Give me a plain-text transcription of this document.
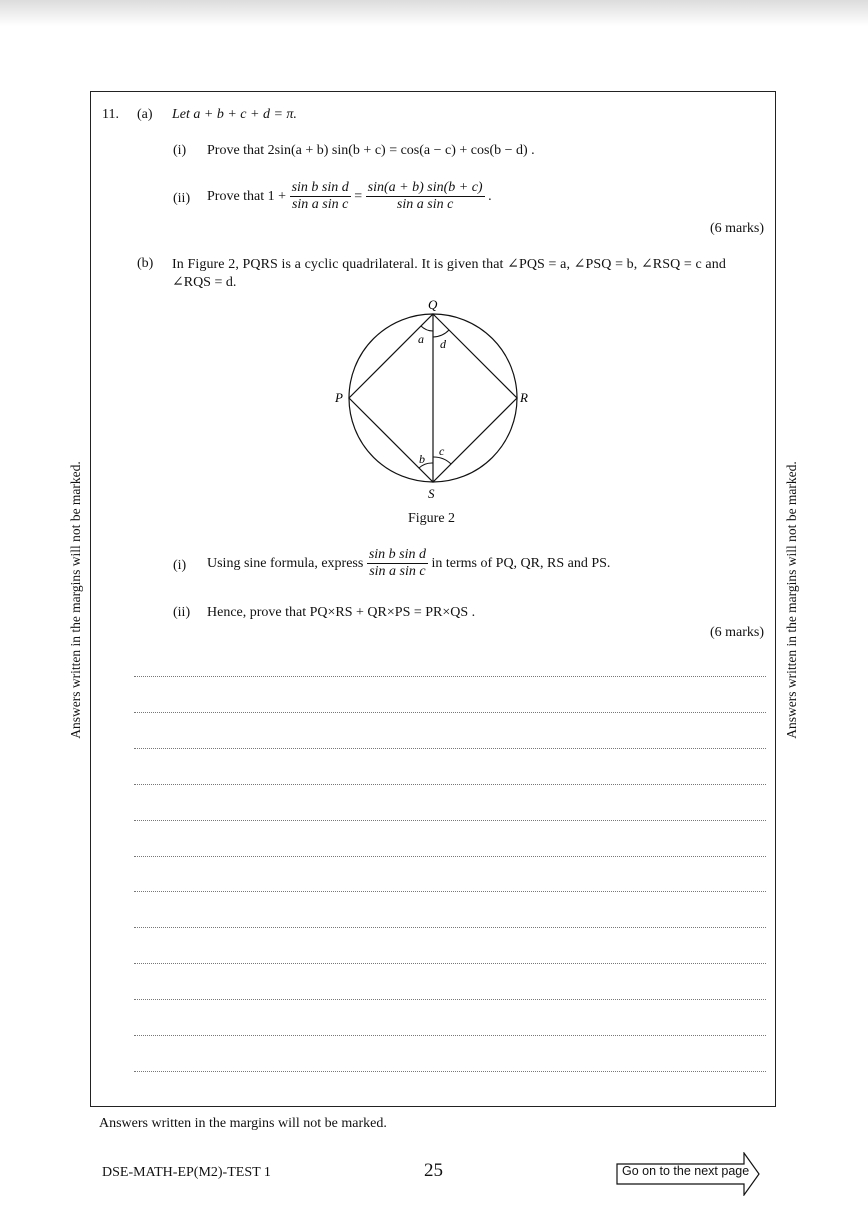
Answers written in the margins will not be marked.	Answers written in the margins will not be marked.
11. (a) Let a + b + c + d = π.
(i) Prove that 2sin(a + b) sin(b + c) = cos(a − c) + cos(b − d) .
(ii) Prove that $1 + \frac{\text{sin b sin d}}{\text{sin a sin c}} = \frac{\sin(a + b) \sin(b + c)}{\text{sin a sin c}}$ .
(6 marks)
(b) In Figure 2, PQRS is a cyclic quadrilateral. It is given that ∠PQS = a, ∠PSQ = b, ∠RSQ = c and
∠RQS = d.
Q
P	R
S
a d
b
c
Figure 2
(i) Using sine formula, express $\frac{\text{sin b sin d}}{\text{sin a sin c}}$ in terms of PQ, QR, RS and PS.
(ii) Hence, prove that PQ×RS + QR×PS = PR×QS .
(6 marks)
Answers written in the margins will not be marked.
DSE-MATH-EP(M2)-TEST 1	25	Go on to the next page
